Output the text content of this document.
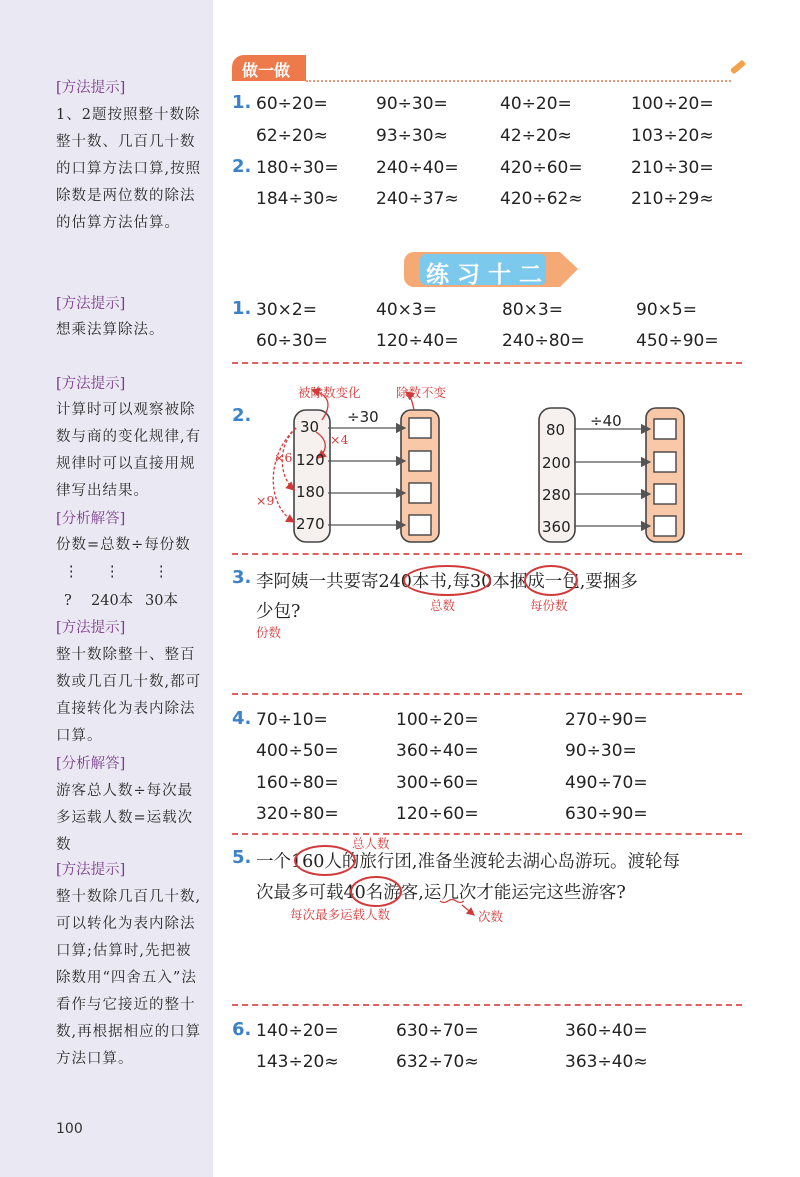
[方法提示]
1、2题按照整十数除整十数、几百几十数的口算方法口算,按照除数是两位数的除法的估算方法估算。
[方法提示]
想乘法算除法。
[方法提示]
计算时可以观察被除数与商的变化规律,有规律时可以直接用规律写出结果。
[分析解答]
份数=总数÷每份数
⋮ ⋮ ⋮
? 240本 30本
[方法提示]
整十数除整十、整百数或几百几十数,都可直接转化为表内除法口算。
[分析解答]
游客总人数÷每次最多运载人数=运载次数
[方法提示]
整十数除几百几十数,可以转化为表内除法口算;估算时,先把被除数用“四舍五入”法看作与它接近的整十数,再根据相应的口算方法口算。
100
做一做
1. 60÷20=	90÷30=	40÷20=	100÷20=
62÷20≈	93÷30≈	42÷20≈	103÷20≈
2. 180÷30= 240÷40= 420÷60=	210÷30=
184÷30≈ 240÷37≈ 420÷62≈	210÷29≈
练习十二
1. 30×2=	40×3=	80×3=	90×5=
60÷30=	120÷40=	240÷80=	450÷90=
2.
30
120
180
270
÷30
80
200
280
360
÷40
被除数变化	除数不变
×4
×6
×9
3. 李阿姨一共要寄240本书,每30本捆成一包,要捆多
少包?	总数	每份数
份数
4. 70÷10=	100÷20=	270÷90=
400÷50=	360÷40=	90÷30=
160÷80=	300÷60=	490÷70=
320÷80=	120÷60=	630÷90=
5. 一个160人的旅行团,准备坐渡轮去湖心岛游玩。渡轮每
次最多可载40名游客,运几次才能运完这些游客?
总人数
每次最多运载人数	次数
6. 140÷20=	630÷70=	360÷40=
143÷20≈	632÷70≈	363÷40≈
